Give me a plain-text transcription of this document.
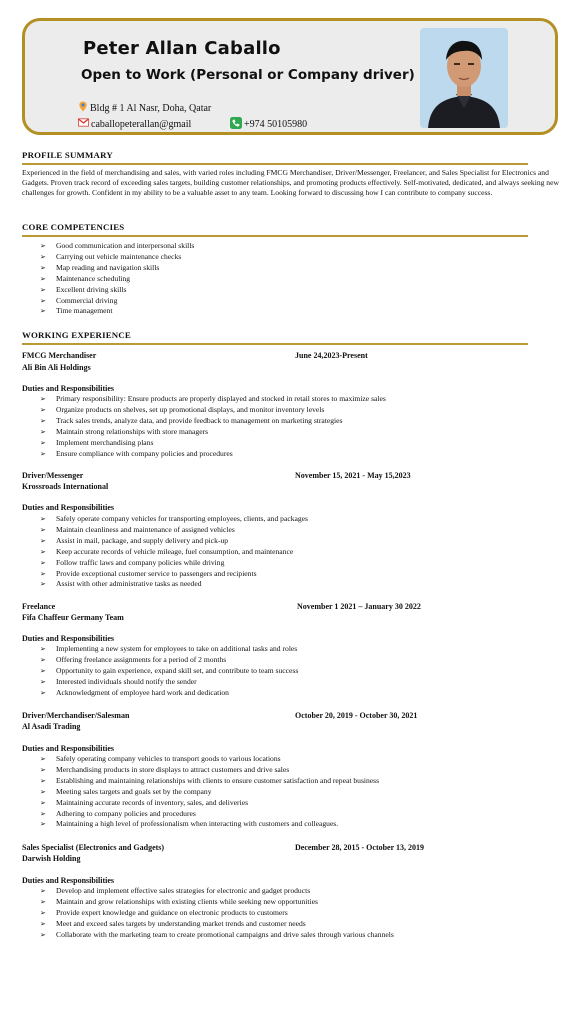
Peter Allan Caballo
Open to Work (Personal or Company driver)
Bldg # 1 Al Nasr, Doha, Qatar
caballopeterallan@gmail	+974 50105980
PROFILE SUMMARY
Experienced in the field of merchandising and sales, with varied roles including FMCG Merchandiser, Driver/Messenger, Freelancer, and Sales Specialist for Electronics and Gadgets. Proven track record of exceeding sales targets, building customer relationships, and promoting products effectively. Self-motivated, dedicated, and always seeking new challenges for growth. Confident in my ability to be a valuable asset to any team. Looking forward to discussing how I can contribute to company success.
CORE COMPETENCIES
➢	Good communication and interpersonal skills
➢	Carrying out vehicle maintenance checks
➢	Map reading and navigation skills
➢	Maintenance scheduling
➢	Excellent driving skills
➢	Commercial driving
➢	Time management
WORKING EXPERIENCE
FMCG Merchandiser	June 24,2023-Present
Ali Bin Ali Holdings
Duties and Responsibilities
➢	Primary responsibility: Ensure products are properly displayed and stocked in retail stores to maximize sales
➢	Organize products on shelves, set up promotional displays, and monitor inventory levels
➢	Track sales trends, analyze data, and provide feedback to management on marketing strategies
➢	Maintain strong relationships with store managers
➢	Implement merchandising plans
➢	Ensure compliance with company policies and procedures
Driver/Messenger	November 15, 2021 - May 15,2023
Krossroads International
Duties and Responsibilities
➢	Safely operate company vehicles for transporting employees, clients, and packages
➢	Maintain cleanliness and maintenance of assigned vehicles
➢	Assist in mail, package, and supply delivery and pick-up
➢	Keep accurate records of vehicle mileage, fuel consumption, and maintenance
➢	Follow traffic laws and company policies while driving
➢	Provide exceptional customer service to passengers and recipients
➢	Assist with other administrative tasks as needed
Freelance	November 1 2021 – January 30 2022
Fifa Chaffeur Germany Team
Duties and Responsibilities
➢	Implementing a new system for employees to take on additional tasks and roles
➢	Offering freelance assignments for a period of 2 months
➢	Opportunity to gain experience, expand skill set, and contribute to team success
➢	Interested individuals should notify the sender
➢	Acknowledgment of employee hard work and dedication
Driver/Merchandiser/Salesman	October 20, 2019 - October 30, 2021
Al Asadi Trading
Duties and Responsibilities
➢	Safely operating company vehicles to transport goods to various locations
➢	Merchandising products in store displays to attract customers and drive sales
➢	Establishing and maintaining relationships with clients to ensure customer satisfaction and repeat business
➢	Meeting sales targets and goals set by the company
➢	Maintaining accurate records of inventory, sales, and deliveries
➢	Adhering to company policies and procedures
➢	Maintaining a high level of professionalism when interacting with customers and colleagues.
Sales Specialist (Electronics and Gadgets)	December 28, 2015 - October 13, 2019
Darwish Holding
Duties and Responsibilities
➢	Develop and implement effective sales strategies for electronic and gadget products
➢	Maintain and grow relationships with existing clients while seeking new opportunities
➢	Provide expert knowledge and guidance on electronic products to customers
➢	Meet and exceed sales targets by understanding market trends and customer needs
➢	Collaborate with the marketing team to create promotional campaigns and drive sales through various channels
